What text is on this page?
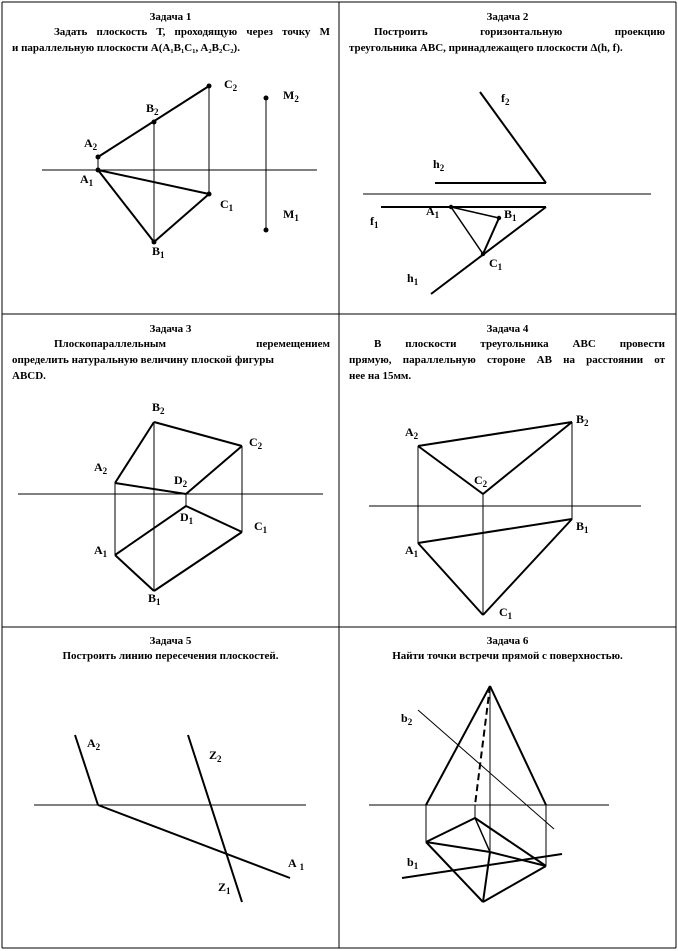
Задача 1
Задать плоскость Т, проходящую через точку М
и параллельную плоскости A(A₁B₁C₁, A₂B₂C₂).
$A_2$
$B_2$
$C_2$	$M_2$
$A_1$
$B_1$
$C_1$	$M_1$
Задача 2
Построить горизонтальную проекцию
треугольника АВС, принадлежащего плоскости Δ(h, f).
$f_2$
$h_2$
$f_1$
$A_1$	$B_1$
$C_1$
$h_1$
Задача 3
Плоскопараллельным перемещением
определить натуральную величину плоской фигуры
ABCD.
$B_2$
$C_2$
$A_2$
$D_2$
$D_1$	$C_1$
$A_1$
$B_1$
Задача 4
В плоскости треугольника АВС провести
прямую, параллельную стороне АВ на расстоянии от
нее на 15мм.
$A_2$
$B_2$
$C_2$
$A_1$
$B_1$
$C_1$
Задача 5
Построить линию пересечения плоскостей.
$A_2$
$Z_2$
A $_1$
$Z_1$
Задача 6
Найти точки встречи прямой с поверхностью.
$b_2$
$b_1$
